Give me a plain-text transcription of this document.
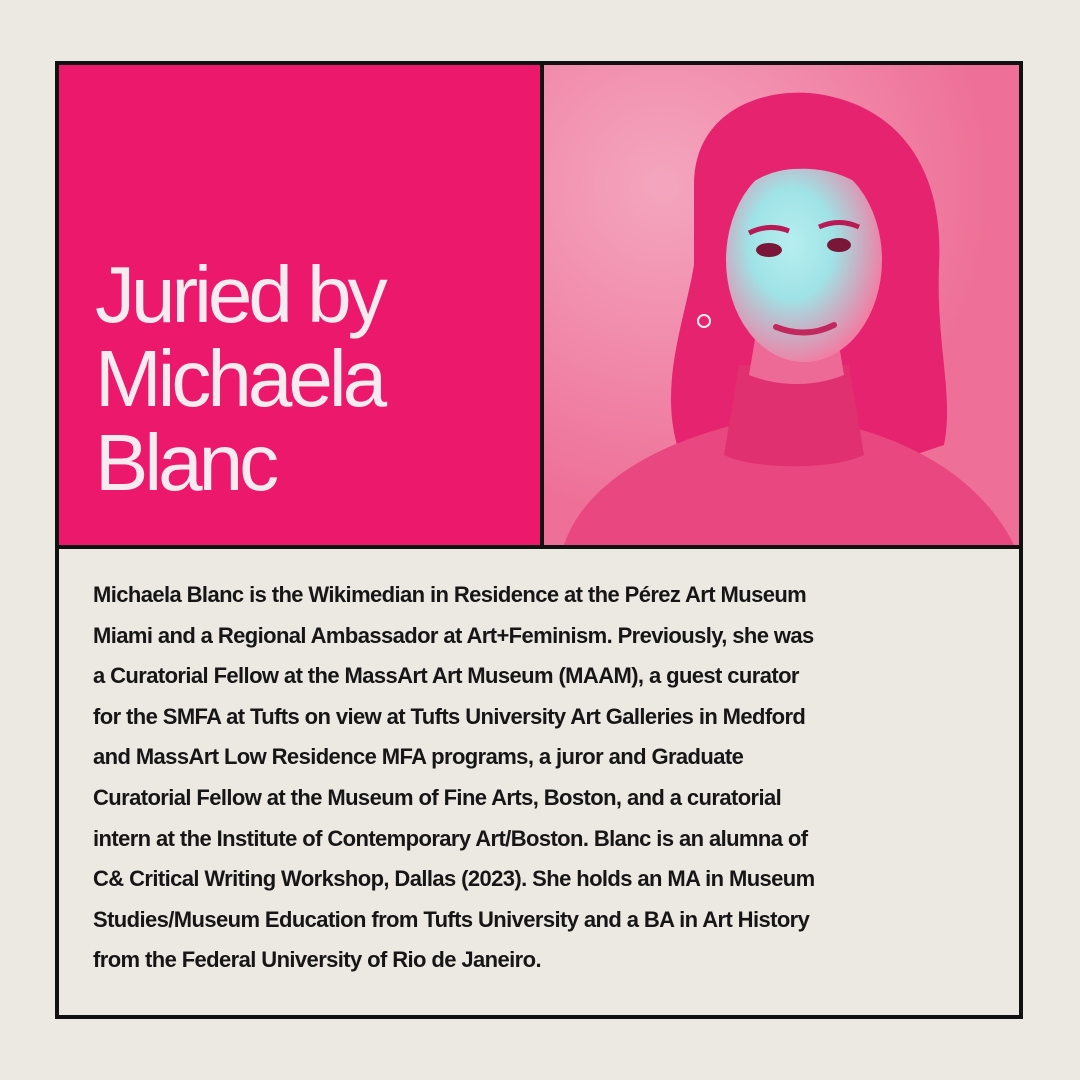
Juried by
Michaela
Blanc

Michaela Blanc is the Wikimedian in Residence at the Pérez Art Museum
Miami and a Regional Ambassador at Art+Feminism. Previously, she was
a Curatorial Fellow at the MassArt Art Museum (MAAM), a guest curator
for the SMFA at Tufts on view at Tufts University Art Galleries in Medford
and MassArt Low Residence MFA programs, a juror and Graduate
Curatorial Fellow at the Museum of Fine Arts, Boston, and a curatorial
intern at the Institute of Contemporary Art/Boston. Blanc is an alumna of
C& Critical Writing Workshop, Dallas (2023). She holds an MA in Museum
Studies/Museum Education from Tufts University and a BA in Art History
from the Federal University of Rio de Janeiro.
